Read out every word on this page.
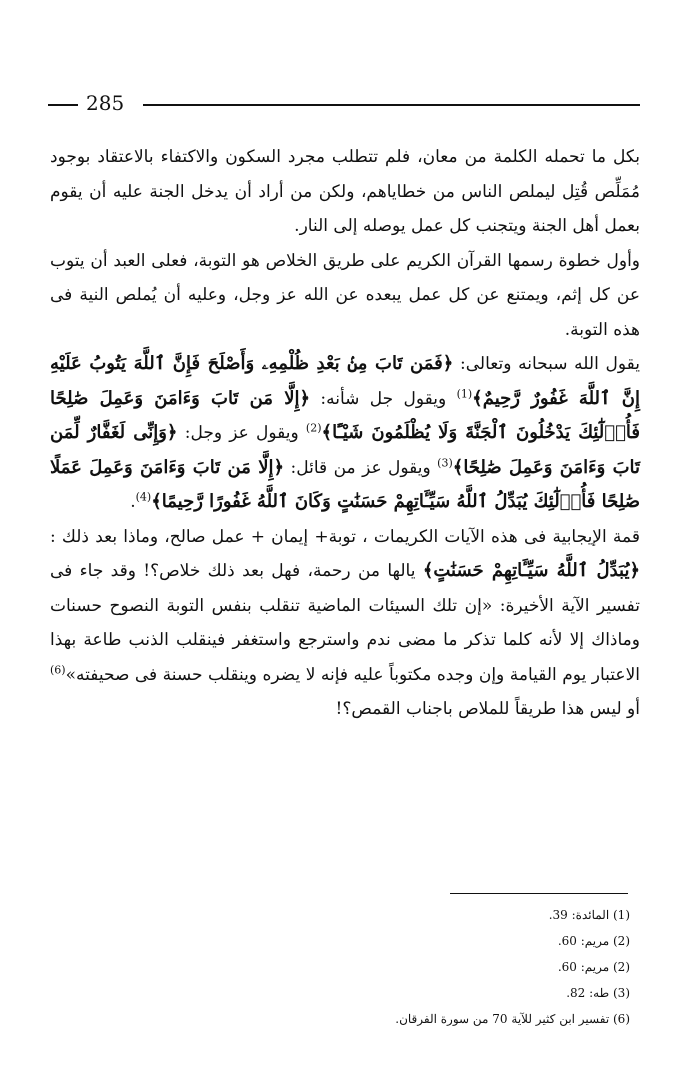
285

بكل ما تحمله الكلمة من معان، فلم تتطلب مجرد السكون والاكتفاء بالاعتقاد بوجود مُمَلِّص قُتِل ليملص الناس من خطاياهم، ولكن من أراد أن يدخل الجنة عليه أن يقوم بعمل أهل الجنة ويتجنب كل عمل يوصله إلى النار.

وأول خطوة رسمها القرآن الكريم على طريق الخلاص هو التوبة، فعلى العبد أن يتوب عن كل إثم، ويمتنع عن كل عمل يبعده عن الله عز وجل، وعليه أن يُملص النية فى هذه التوبة.

يقول الله سبحانه وتعالى: ﴿فَمَن تَابَ مِنۢ بَعْدِ ظُلْمِهِۦ وَأَصْلَحَ فَإِنَّ ٱللَّهَ يَتُوبُ عَلَيْهِ إِنَّ ٱللَّهَ غَفُورٌ رَّحِيمٌ﴾$^{(1)}$ ويقول جل شأنه: ﴿إِلَّا مَن تَابَ وَءَامَنَ وَعَمِلَ صَٰلِحًا فَأُو۟لَٰٓئِكَ يَدْخُلُونَ ٱلْجَنَّةَ وَلَا يُظْلَمُونَ شَيْـًٔا﴾$^{(2)}$ ويقول عز وجل: ﴿وَإِنِّى لَغَفَّارٌ لِّمَن تَابَ وَءَامَنَ وَعَمِلَ صَٰلِحًا﴾$^{(3)}$ ويقول عز من قائل: ﴿إِلَّا مَن تَابَ وَءَامَنَ وَعَمِلَ عَمَلًا صَٰلِحًا فَأُو۟لَٰٓئِكَ يُبَدِّلُ ٱللَّهُ سَيِّـَٔاتِهِمْ حَسَنَٰتٍ وَكَانَ ٱللَّهُ غَفُورًا رَّحِيمًا﴾$^{(4)}$.

قمة الإيجابية فى هذه الآيات الكريمات ، توبة+ إيمان + عمل صالح، وماذا بعد ذلك : ﴿يُبَدِّلُ ٱللَّهُ سَيِّـَٔاتِهِمْ حَسَنَٰتٍ﴾ يالها من رحمة، فهل بعد ذلك خلاص؟! وقد جاء فى تفسير الآية الأخيرة: «إن تلك السيئات الماضية تنقلب بنفس التوبة النصوح حسنات وماذاك إلا لأنه كلما تذكر ما مضى ندم واسترجع واستغفر فينقلب الذنب طاعة بهذا الاعتبار يوم القيامة وإن وجده مكتوباً عليه فإنه لا يضره وينقلب حسنة فى صحيفته»$^{(6)}$ أو ليس هذا طريقاً للملاص باجناب القمص؟!

(1) المائدة: 39.
(2) مريم: 60.
(2) مريم: 60.
(3) طه: 82.
(6) تفسير ابن كثير للآية 70 من سورة الفرقان.
